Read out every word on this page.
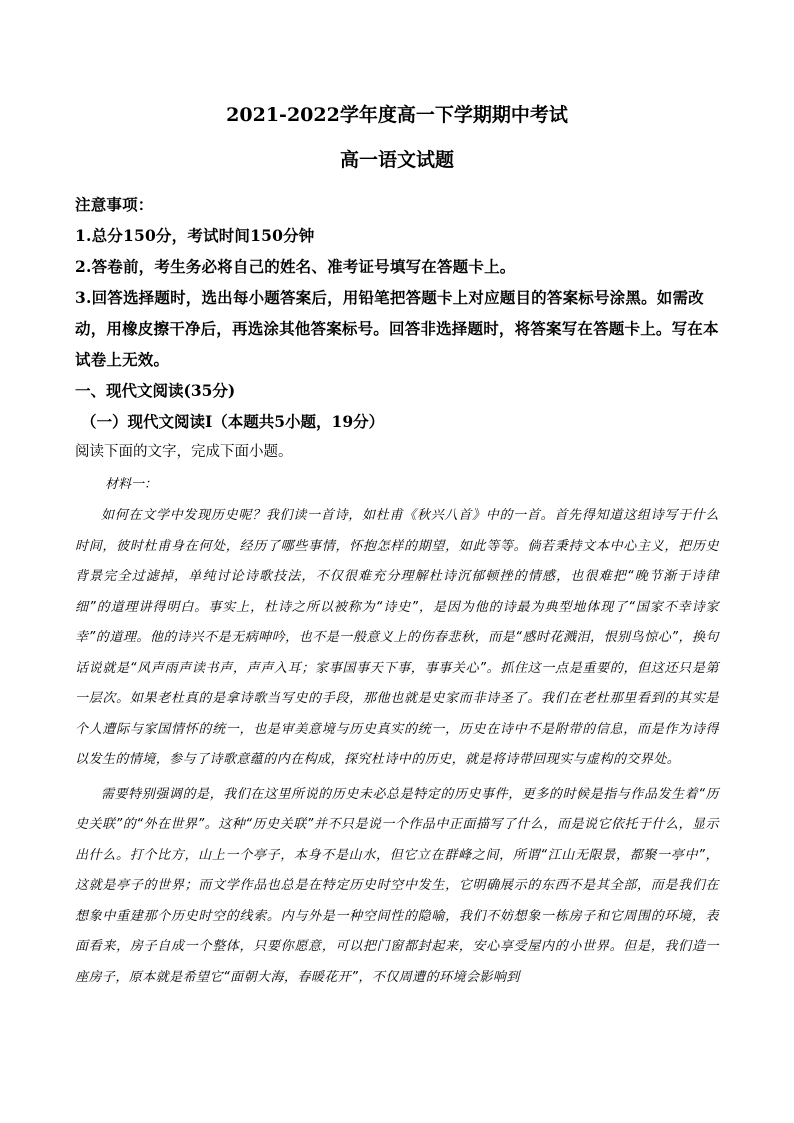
2021-2022学年度高一下学期期中考试
高一语文试题

注意事项：

1.总分150分，考试时间150分钟

2.答卷前，考生务必将自己的姓名、准考证号填写在答题卡上。

3.回答选择题时，选出每小题答案后，用铅笔把答题卡上对应题目的答案标号涂黑。如需改动，用橡皮擦干净后，再选涂其他答案标号。回答非选择题时，将答案写在答题卡上。写在本试卷上无效。

一、现代文阅读(35分)

（一）现代文阅读Ⅰ（本题共5小题，19分）

阅读下面的文字，完成下面小题。

材料一：

如何在文学中发现历史呢？我们读一首诗，如杜甫《秋兴八首》中的一首。首先得知道这组诗写于什么时间，彼时杜甫身在何处，经历了哪些事情，怀抱怎样的期望，如此等等。倘若秉持文本中心主义，把历史背景完全过滤掉，单纯讨论诗歌技法，不仅很难充分理解杜诗沉郁顿挫的情感，也很难把“晚节渐于诗律细”的道理讲得明白。事实上，杜诗之所以被称为“诗史”，是因为他的诗最为典型地体现了“国家不幸诗家幸”的道理。他的诗兴不是无病呻吟，也不是一般意义上的伤春悲秋，而是“感时花溅泪，恨别鸟惊心”，换句话说就是“风声雨声读书声，声声入耳；家事国事天下事，事事关心”。抓住这一点是重要的，但这还只是第一层次。如果老杜真的是拿诗歌当写史的手段，那他也就是史家而非诗圣了。我们在老杜那里看到的其实是个人遭际与家国情怀的统一，也是审美意境与历史真实的统一，历史在诗中不是附带的信息，而是作为诗得以发生的情境，参与了诗歌意蕴的内在构成，探究杜诗中的历史，就是将诗带回现实与虚构的交界处。

需要特别强调的是，我们在这里所说的历史未必总是特定的历史事件，更多的时候是指与作品发生着“历史关联”的“外在世界”。这种“历史关联”并不只是说一个作品中正面描写了什么，而是说它依托于什么，显示出什么。打个比方，山上一个亭子，本身不是山水，但它立在群峰之间，所谓“江山无限景，都聚一亭中”，这就是亭子的世界；而文学作品也总是在特定历史时空中发生，它明确展示的东西不是其全部，而是我们在想象中重建那个历史时空的线索。内与外是一种空间性的隐喻，我们不妨想象一栋房子和它周围的环境，表面看来，房子自成一个整体，只要你愿意，可以把门窗都封起来，安心享受屋内的小世界。但是，我们造一座房子，原本就是希望它“面朝大海，春暖花开”，不仅周遭的环境会影响到
